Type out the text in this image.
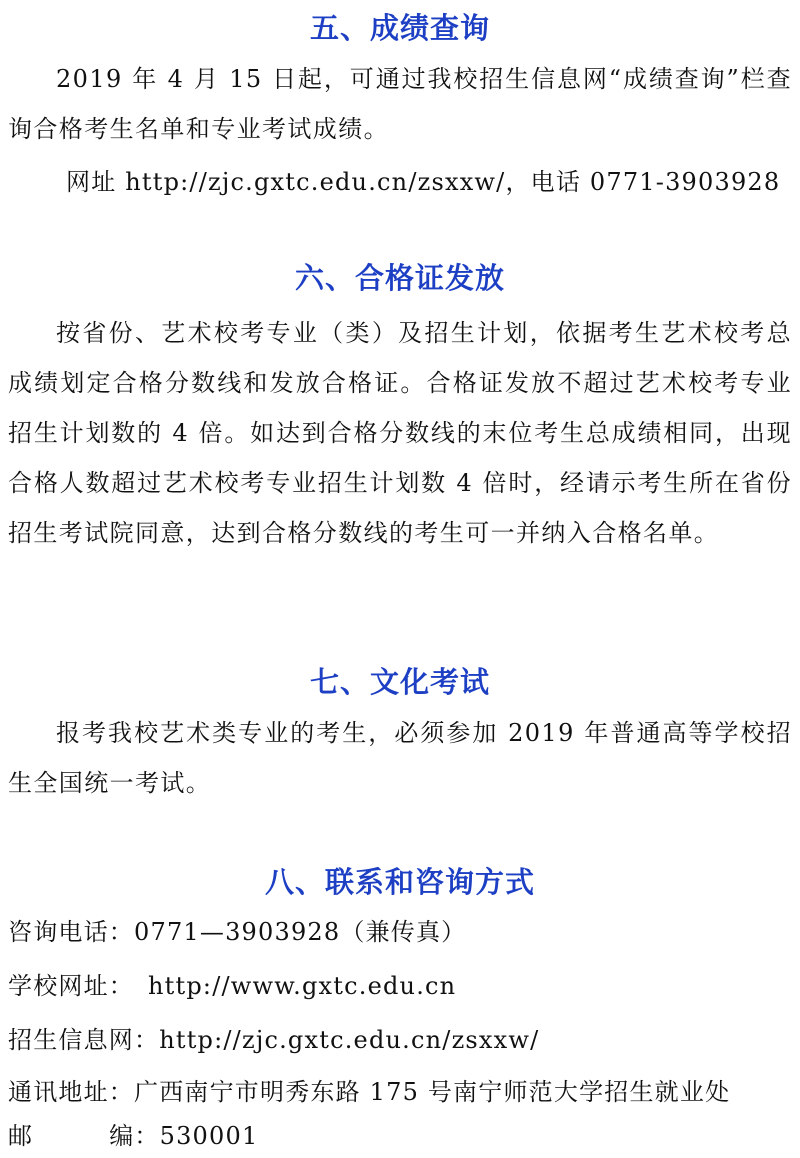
五、成绩查询
2019 年 4 月 15 日起，可通过我校招生信息网“成绩查询”栏查询合格考生名单和专业考试成绩。
网址 http://zjc.gxtc.edu.cn/zsxxw/，电话 0771-3903928
六、合格证发放
按省份、艺术校考专业（类）及招生计划，依据考生艺术校考总成绩划定合格分数线和发放合格证。合格证发放不超过艺术校考专业招生计划数的 4 倍。如达到合格分数线的末位考生总成绩相同，出现合格人数超过艺术校考专业招生计划数 4 倍时，经请示考生所在省份招生考试院同意，达到合格分数线的考生可一并纳入合格名单。
七、文化考试
报考我校艺术类专业的考生，必须参加 2019 年普通高等学校招生全国统一考试。
八、联系和咨询方式
咨询电话：0771—3903928（兼传真）
学校网址： http://www.gxtc.edu.cn
招生信息网：http://zjc.gxtc.edu.cn/zsxxw/
通讯地址：广西南宁市明秀东路 175 号南宁师范大学招生就业处
邮	编：530001
